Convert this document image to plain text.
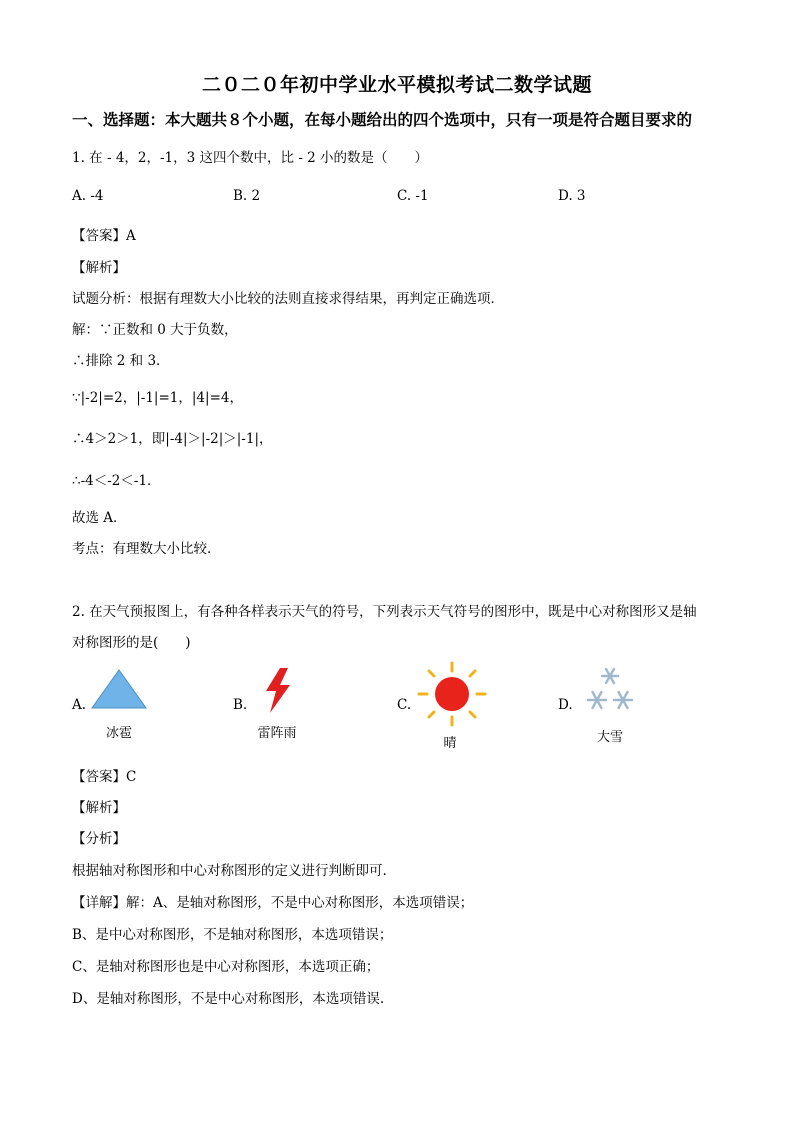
二０二０年初中学业水平模拟考试二数学试题
一、选择题：本大题共８个小题，在每小题给出的四个选项中，只有一项是符合题目要求的
1. 在 - 4，2，-1，3 这四个数中，比 - 2 小的数是（　　）
A. -4	B. 2	C. -1	D. 3
【答案】A
【解析】
试题分析：根据有理数大小比较的法则直接求得结果，再判定正确选项．
解：∵正数和 0 大于负数，
∴排除 2 和 3．
∵|-2|=2，|-1|=1，|4|=4，
∴4＞2＞1，即|-4|＞|-2|＞|-1|，
∴-4＜-2＜-1．
故选 A．
考点：有理数大小比较．
2. 在天气预报图上，有各种各样表示天气的符号，下列表示天气符号的图形中，既是中心对称图形又是轴
对称图形的是(　　)
A.
冰雹
B.
雷阵雨
C.
晴
D.
大雪
【答案】C
【解析】
【分析】
根据轴对称图形和中心对称图形的定义进行判断即可.
【详解】解：A、是轴对称图形，不是中心对称图形，本选项错误；
B、是中心对称图形，不是轴对称图形，本选项错误；
C、是轴对称图形也是中心对称图形，本选项正确；
D、是轴对称图形，不是中心对称图形，本选项错误.
